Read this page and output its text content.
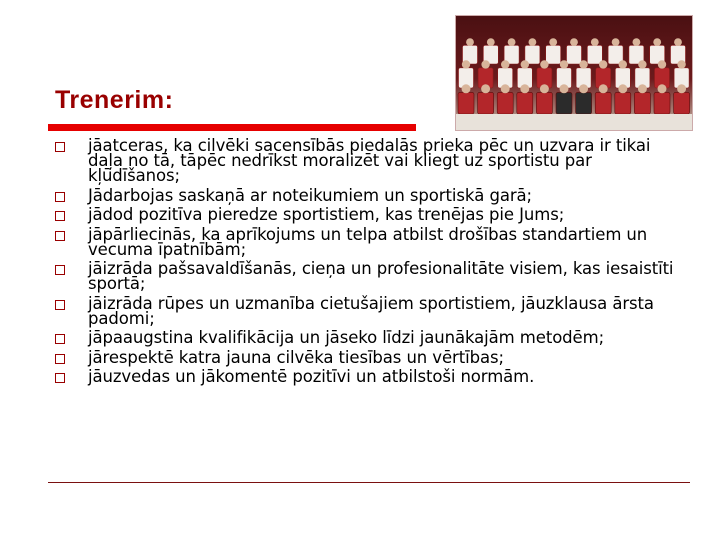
Trenerim:
jāatceras, ka cilvēki sacensībās piedalās prieka pēc un uzvara ir tikai daļa no tā, tāpēc nedrīkst moralizēt vai kliegt uz sportistu par kļūdīšanos;
Jādarbojas saskaņā ar noteikumiem un sportiskā garā;
jādod pozitīva pieredze sportistiem, kas trenējas pie Jums;
jāpārliecinās, ka aprīkojums un telpa atbilst drošības standartiem un vecuma īpatnībām;
jāizrāda pašsavaldīšanās, cieņa un profesionalitāte visiem, kas iesaistīti sportā;
jāizrāda rūpes un uzmanība cietušajiem sportistiem, jāuzklausa ārsta padomi;
jāpaaugstina kvalifikācija un jāseko līdzi jaunākajām metodēm;
jārespektē katra jauna cilvēka tiesības un vērtības;
jāuzvedas un jākomentē pozitīvi un atbilstoši normām.
